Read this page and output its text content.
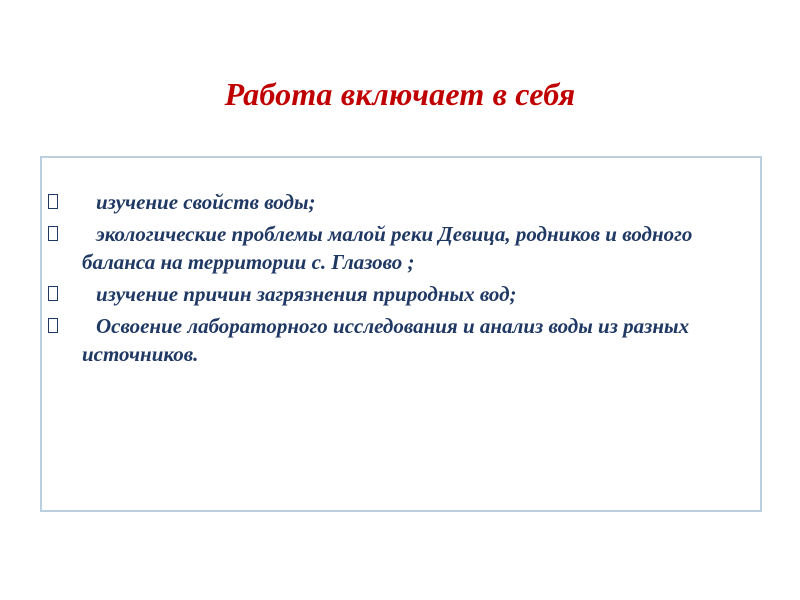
Работа включает в себя
изучение свойств воды;
экологические проблемы малой реки Девица, родников и водного баланса на территории с. Глазово ;
изучение причин загрязнения природных вод;
Освоение лабораторного исследования и анализ воды из разных источников.
